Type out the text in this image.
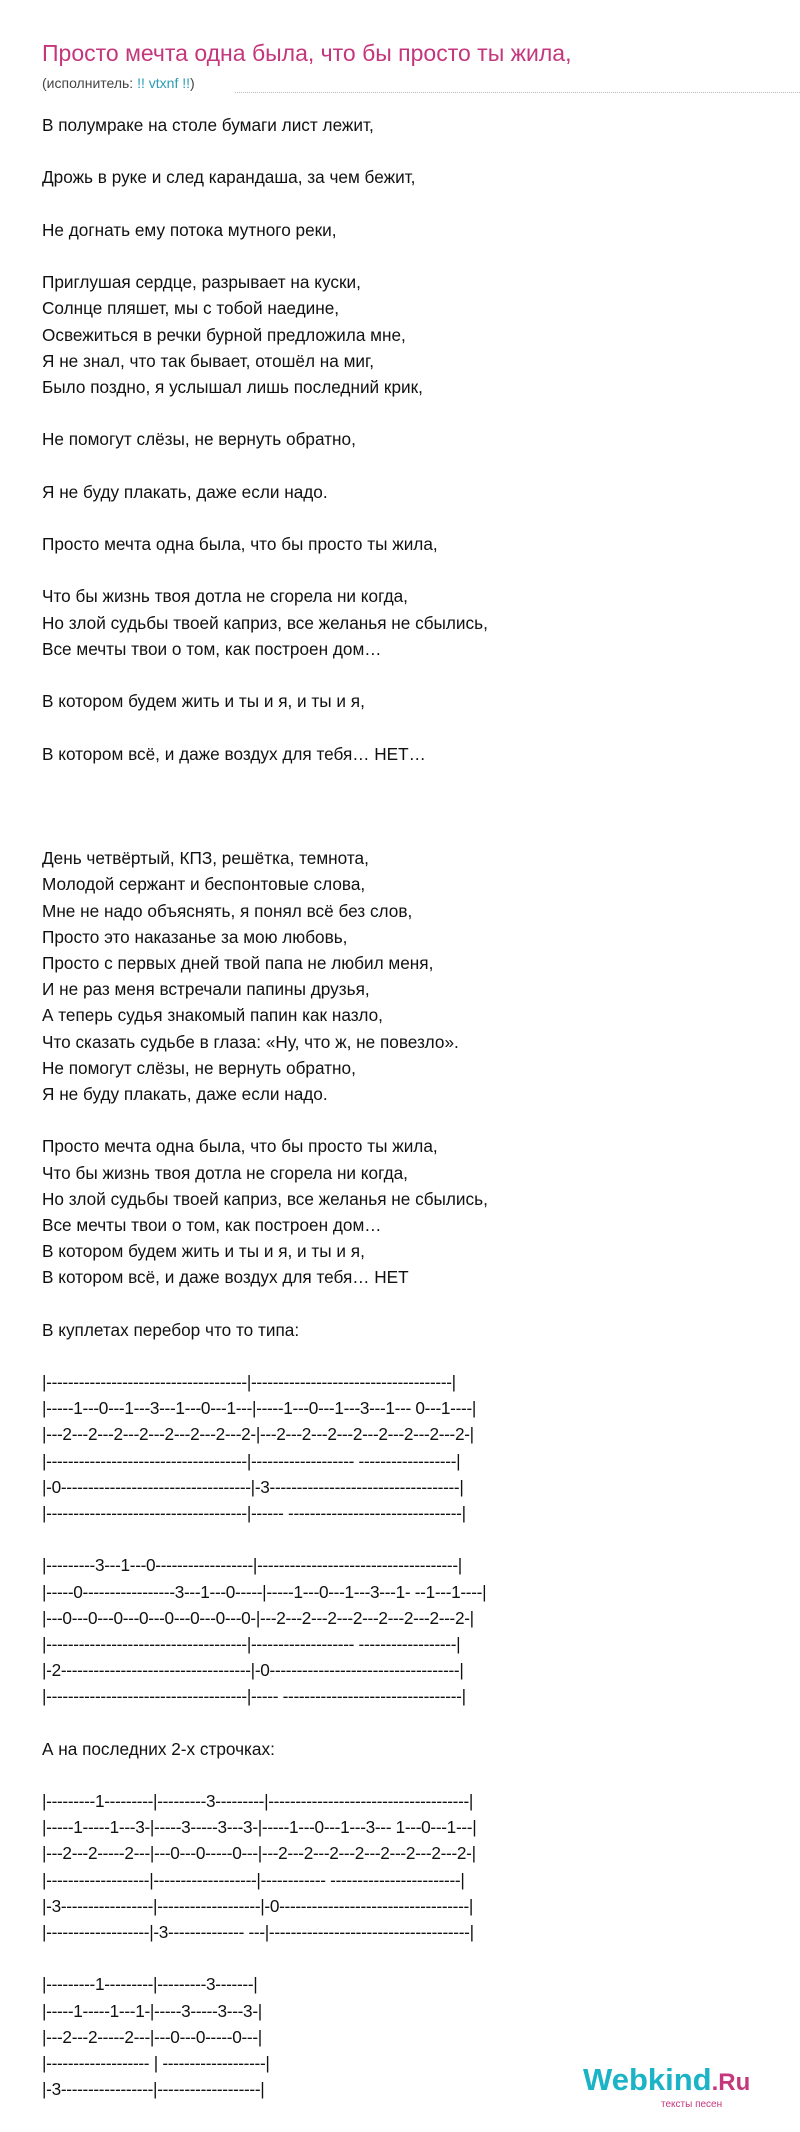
Просто мечта одна была, что бы просто ты жила,
(исполнитель: !! vtxnf !!)
В полумраке на столе бумаги лист лежит,
Дрожь в руке и след карандаша, за чем бежит,
Не догнать ему потока мутного реки,
Приглушая сердце, разрывает на куски,
Солнце пляшет, мы с тобой наедине,
Освежиться в речки бурной предложила мне,
Я не знал, что так бывает, отошёл на миг,
Было поздно, я услышал лишь последний крик,
Не помогут слёзы, не вернуть обратно,
Я не буду плакать, даже если надо.
Просто мечта одна была, что бы просто ты жила,
Что бы жизнь твоя дотла не сгорела ни когда,
Но злой судьбы твоей каприз, все желанья не сбылись,
Все мечты твои о том, как построен дом…
В котором будем жить и ты и я, и ты и я,
В котором всё, и даже воздух для тебя… НЕТ…
День четвёртый, КПЗ, решётка, темнота,
Молодой сержант и беспонтовые слова,
Мне не надо объяснять, я понял всё без слов,
Просто это наказанье за мою любовь,
Просто с первых дней твой папа не любил меня,
И не раз меня встречали папины друзья,
А теперь судья знакомый папин как назло,
Что сказать судьбе в глаза: «Ну, что ж, не повезло».
Не помогут слёзы, не вернуть обратно,
Я не буду плакать, даже если надо.
Просто мечта одна была, что бы просто ты жила,
Что бы жизнь твоя дотла не сгорела ни когда,
Но злой судьбы твоей каприз, все желанья не сбылись,
Все мечты твои о том, как построен дом…
В котором будем жить и ты и я, и ты и я,
В котором всё, и даже воздух для тебя… НЕТ
В куплетах перебор что то типа:
|-------------------------------------|-------------------------------------|
|-----1---0---1---3---1---0---1---|-----1---0---1---3---1--- 0---1----|
|---2---2---2---2---2---2---2---2-|---2---2---2---2---2---2---2---2-|
|-------------------------------------|------------------- ------------------|
|-0-----------------------------------|-3-----------------------------------|
|-------------------------------------|------ --------------------------------|
|---------3---1---0------------------|-------------------------------------|
|-----0-----------------3---1---0-----|-----1---0---1---3---1- --1---1----|
|---0---0---0---0---0---0---0---0-|---2---2---2---2---2---2---2---2-|
|-------------------------------------|------------------- ------------------|
|-2-----------------------------------|-0-----------------------------------|
|-------------------------------------|----- ---------------------------------|
А на последних 2-х строчках:
|---------1---------|---------3---------|-------------------------------------|
|-----1-----1---3-|-----3-----3---3-|-----1---0---1---3--- 1---0---1---|
|---2---2-----2---|---0---0-----0---|---2---2---2---2---2---2---2---2-|
|-------------------|-------------------|------------ ------------------------|
|-3-----------------|-------------------|-0-----------------------------------|
|-------------------|-3-------------- ---|-------------------------------------|
|---------1---------|---------3-------|
|-----1-----1---1-|-----3-----3---3-|
|---2---2-----2---|---0---0-----0---|
|------------------- | -------------------|
|-3-----------------|-------------------|	Webkind.Ru
тексты песен
